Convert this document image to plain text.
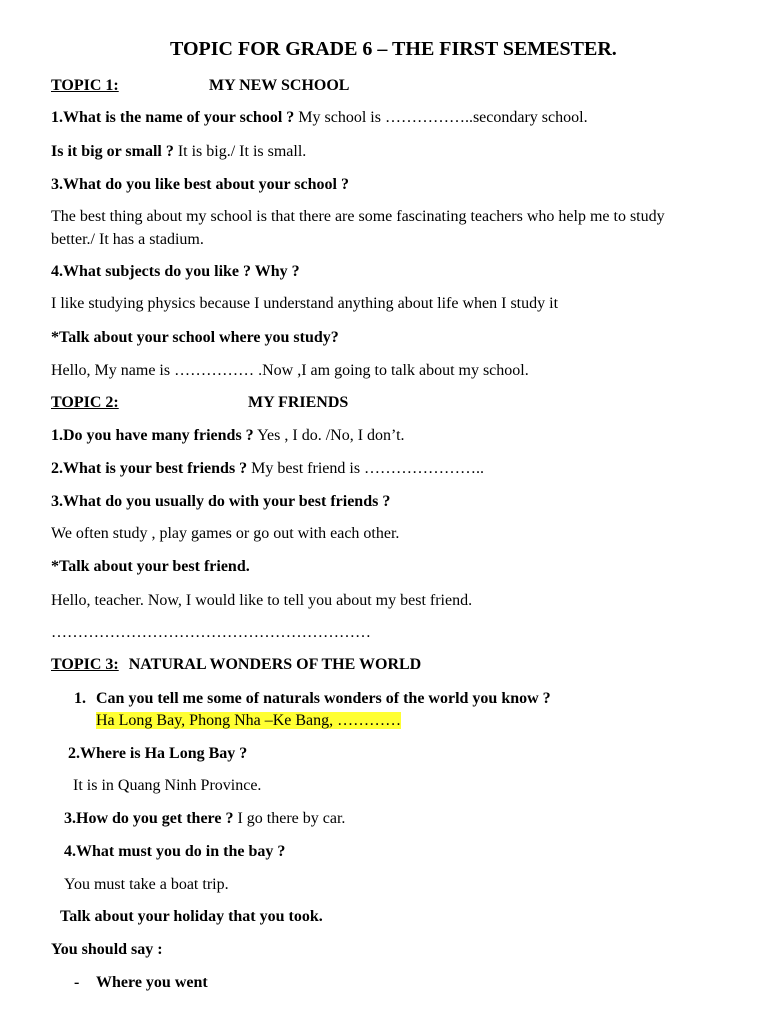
TOPIC FOR GRADE 6 – THE FIRST SEMESTER.
TOPIC 1:	MY NEW SCHOOL
1.What is the name of your school ? My school is ……………..secondary school.
Is it big or small ? It is big./ It is small.
3.What do you like best about your school ?
The best thing about my school is that there are some fascinating teachers who help me to study better./ It has a stadium.
4.What subjects do you like ? Why ?
I like studying physics because I understand anything about life when I study it
*Talk about your school where you study?
Hello, My name is …………… .Now ,I am going to talk about my school.
TOPIC 2:	MY FRIENDS
1.Do you have many friends ? Yes , I do. /No, I don’t.
2.What is your best friends ? My best friend is …………………..
3.What do you usually do with your best friends ?
We often study , play games or go out with each other.
*Talk about your best friend.
Hello, teacher. Now, I would like to tell you about my best friend.
……………………………………………………
TOPIC 3: NATURAL WONDERS OF THE WORLD
1. Can you tell me some of naturals wonders of the world you know ?
Ha Long Bay, Phong Nha –Ke Bang, …………
2.Where is Ha Long Bay ?
It is in Quang Ninh Province.
3.How do you get there ? I go there by car.
4.What must you do in the bay ?
You must take a boat trip.
Talk about your holiday that you took.
You should say :
- Where you went
